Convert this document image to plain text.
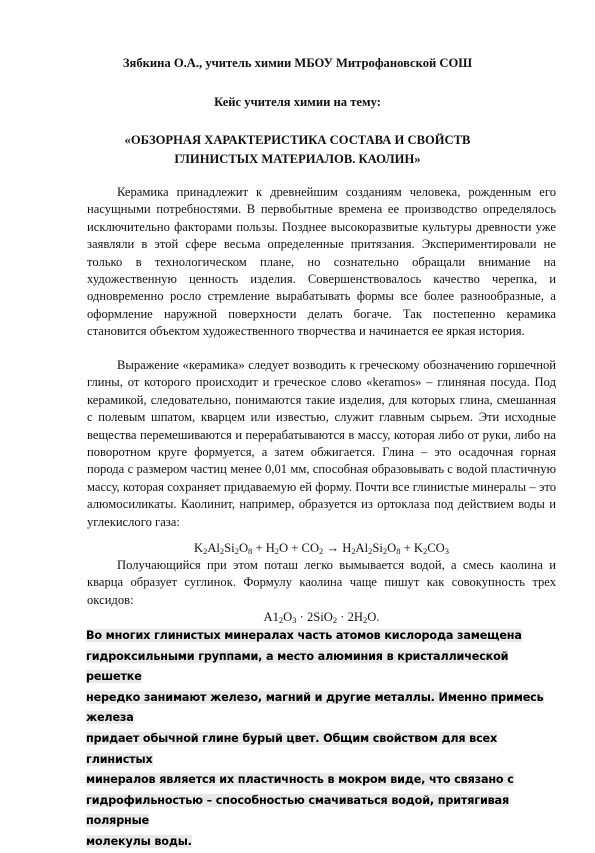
Зябкина О.А., учитель химии МБОУ Митрофановской СОШ
Кейс учителя химии на тему:
«ОБЗОРНАЯ ХАРАКТЕРИСТИКА СОСТАВА И СВОЙСТВ ГЛИНИСТЫХ МАТЕРИАЛОВ. КАОЛИН»

Керамика принадлежит к древнейшим созданиям человека, рожденным его насущными потребностями. В первобытные времена ее производство определялось исключительно факторами пользы. Позднее высокоразвитые культуры древности уже заявляли в этой сфере весьма определенные притязания. Экспериментировали не только в технологическом плане, но сознательно обращали внимание на художественную ценность изделия. Совершенствовалось качество черепка, и одновременно росло стремление вырабатывать формы все более разнообразные, а оформление наружной поверхности делать богаче. Так постепенно керамика становится объектом художественного творчества и начинается ее яркая история.

Выражение «керамика» следует возводить к греческому обозначению горшечной глины, от которого происходит и греческое слово «keramos» – глиняная посуда. Под керамикой, следовательно, понимаются такие изделия, для которых глина, смешанная с полевым шпатом, кварцем или известью, служит главным сырьем. Эти исходные вещества перемешиваются и перерабатываются в массу, которая либо от руки, либо на поворотном круге формуется, а затем обжигается. Глина – это осадочная горная порода с размером частиц менее 0,01 мм, способная образовывать с водой пластичную массу, которая сохраняет придаваемую ей форму. Почти все глинистые минералы – это алюмосиликаты. Каолинит, например, образуется из ортоклаза под действием воды и углекислого газа:

$K_2Al_2Si_2O_8 + H_2O + CO_2 \to H_2Al_2Si_2O_8 + K_2CO_3$

Получающийся при этом поташ легко вымывается водой, а смесь каолина и кварца образует суглинок. Формулу каолина чаще пишут как совокупность трех оксидов:

$A1_2O_3 \cdot 2SiO_2 \cdot 2H_2O$.
Во многих глинистых минералах часть атомов кислорода замещена
гидроксильными группами, а место алюминия в кристаллической решетке
нередко занимают железо, магний и другие металлы. Именно примесь железа
придает обычной глине бурый цвет. Общим свойством для всех глинистых
минералов является их пластичность в мокром виде, что связано с
гидрофильностью – способностью смачиваться водой, притягивая полярные
молекулы воды.
